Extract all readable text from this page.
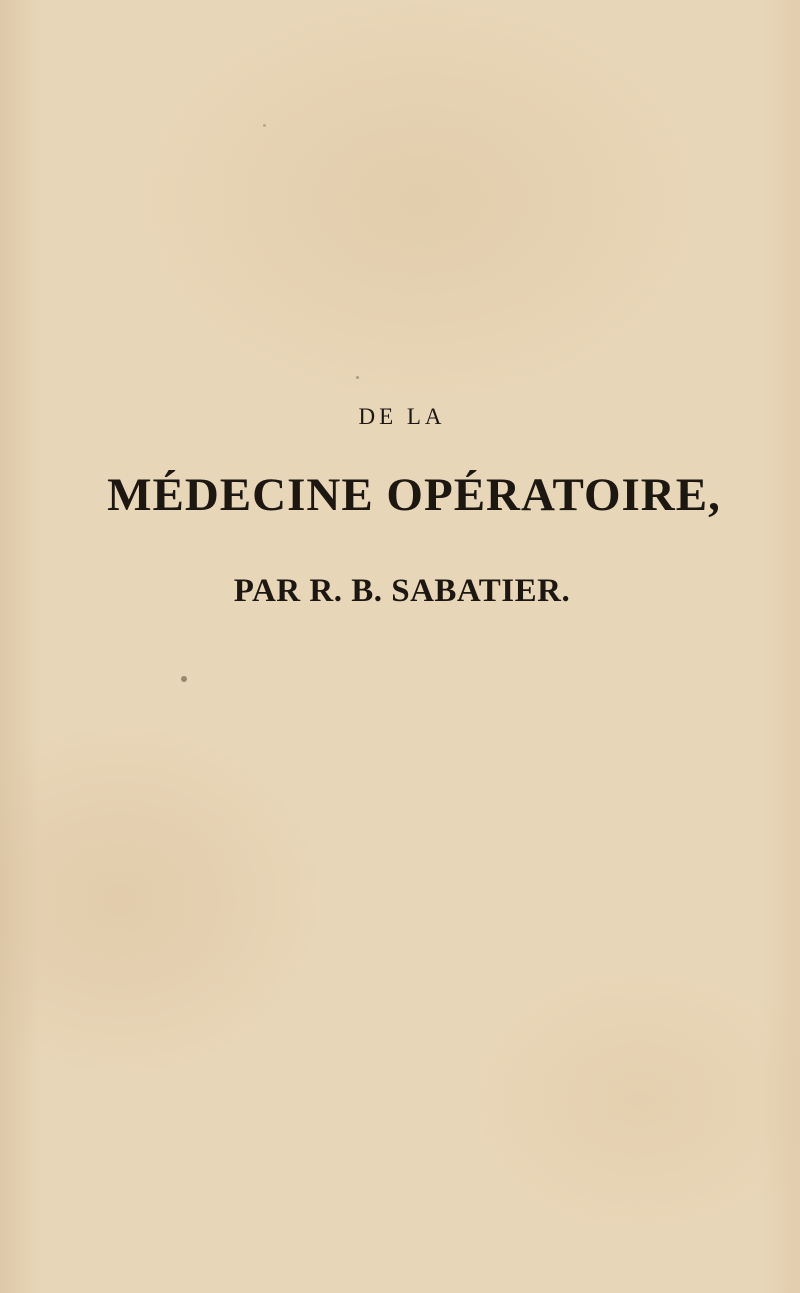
DE LA

MÉDECINE OPÉRATOIRE,

PAR R. B. SABATIER.
